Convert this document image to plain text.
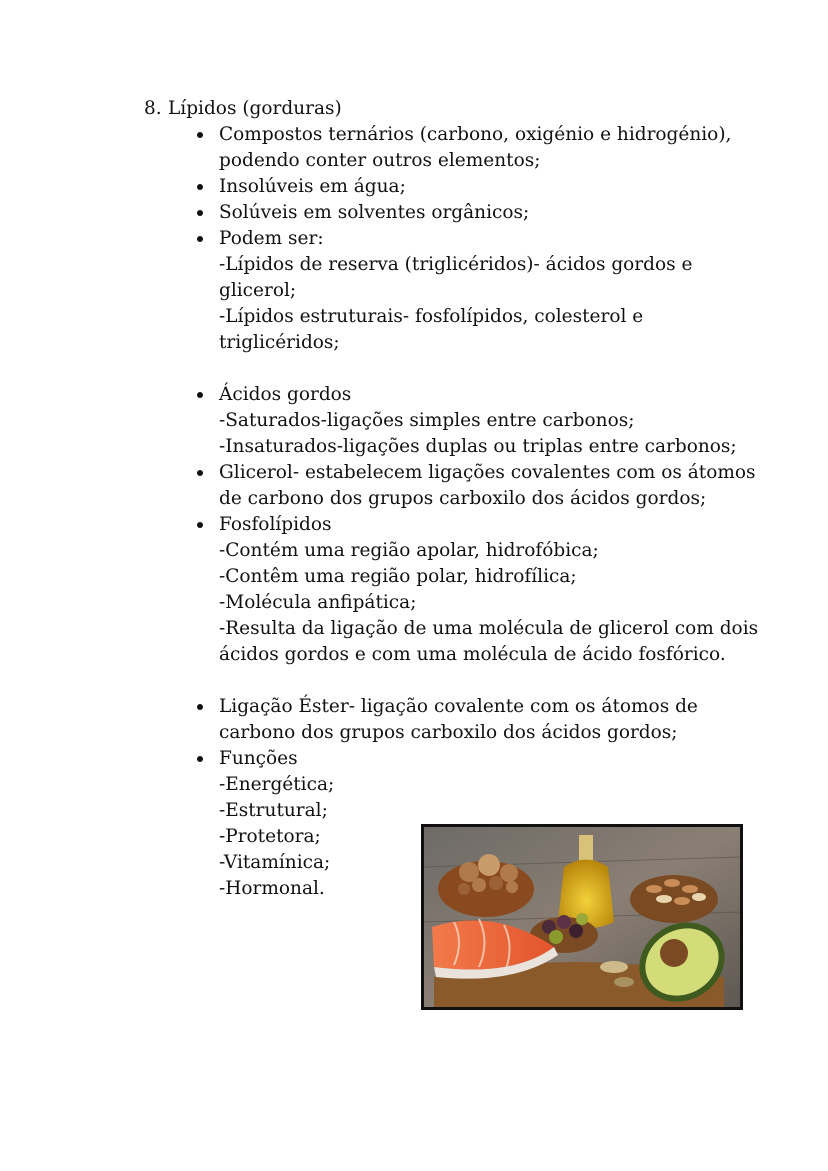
8. Lípidos (gorduras)
Compostos ternários (carbono, oxigénio e hidrogénio),
podendo conter outros elementos;
Insolúveis em água;
Solúveis em solventes orgânicos;
Podem ser:
-Lípidos de reserva (triglicéridos)- ácidos gordos e
glicerol;
-Lípidos estruturais- fosfolípidos, colesterol e
triglicéridos;
Ácidos gordos
-Saturados-ligações simples entre carbonos;
-Insaturados-ligações duplas ou triplas entre carbonos;
Glicerol- estabelecem ligações covalentes com os átomos
de carbono dos grupos carboxilo dos ácidos gordos;
Fosfolípidos
-Contém uma região apolar, hidrofóbica;
-Contêm uma região polar, hidrofílica;
-Molécula anfipática;
-Resulta da ligação de uma molécula de glicerol com dois
ácidos gordos e com uma molécula de ácido fosfórico.
Ligação Éster- ligação covalente com os átomos de
carbono dos grupos carboxilo dos ácidos gordos;
Funções
-Energética;
-Estrutural;
-Protetora;
-Vitamínica;
-Hormonal.
